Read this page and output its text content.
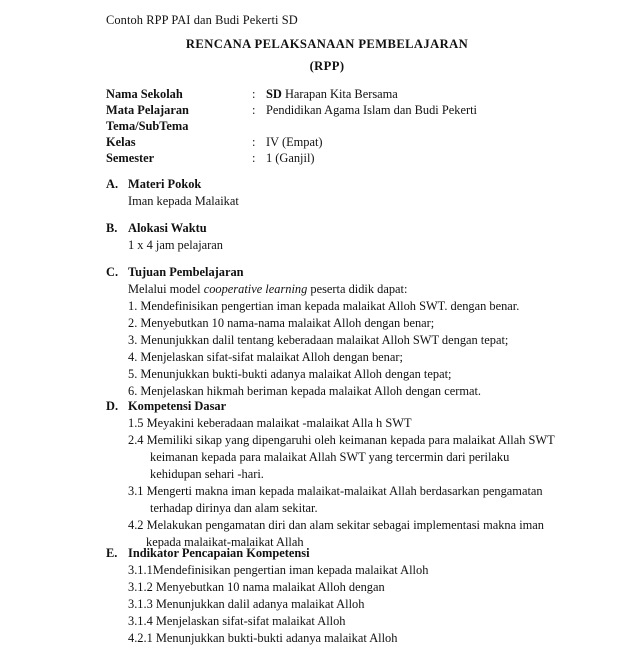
Contoh RPP PAI dan Budi Pekerti SD
RENCANA PELAKSANAAN PEMBELAJARAN
(RPP)
Nama Sekolah	:	SD Harapan Kita Bersama
Mata Pelajaran	:	Pendidikan Agama Islam dan Budi Pekerti
Tema/SubTema		
Kelas	:	IV (Empat)
Semester	:	1 (Ganjil)
A. Materi Pokok
Iman kepada Malaikat
B. Alokasi Waktu
1 x 4 jam pelajaran
C. Tujuan Pembelajaran
Melalui model cooperative learning peserta didik dapat:
1. Mendefinisikan pengertian iman kepada malaikat Alloh SWT. dengan benar.
2. Menyebutkan 10 nama-nama malaikat Alloh dengan benar;
3. Menunjukkan dalil tentang keberadaan malaikat Alloh SWT dengan tepat;
4. Menjelaskan sifat-sifat malaikat Alloh dengan benar;
5. Menunjukkan bukti-bukti adanya malaikat Alloh dengan tepat;
6. Menjelaskan hikmah beriman kepada malaikat Alloh dengan cermat.
D. Kompetensi Dasar
1.5 Meyakini keberadaan malaikat -malaikat Alla h SWT
2.4 Memiliki sikap yang dipengaruhi oleh keimanan kepada para malaikat Allah SWT
keimanan kepada para malaikat Allah SWT yang tercermin dari perilaku
kehidupan sehari -hari.
3.1 Mengerti makna iman kepada malaikat-malaikat Allah berdasarkan pengamatan
terhadap dirinya dan alam sekitar.
4.2 Melakukan pengamatan diri dan alam sekitar sebagai implementasi makna iman
kepada malaikat-malaikat Allah
E. Indikator Pencapaian Kompetensi
3.1.1Mendefinisikan pengertian iman kepada malaikat Alloh
3.1.2 Menyebutkan 10 nama malaikat Alloh dengan
3.1.3 Menunjukkan dalil adanya malaikat Alloh
3.1.4 Menjelaskan sifat-sifat malaikat Alloh
4.2.1 Menunjukkan bukti-bukti adanya malaikat Alloh
